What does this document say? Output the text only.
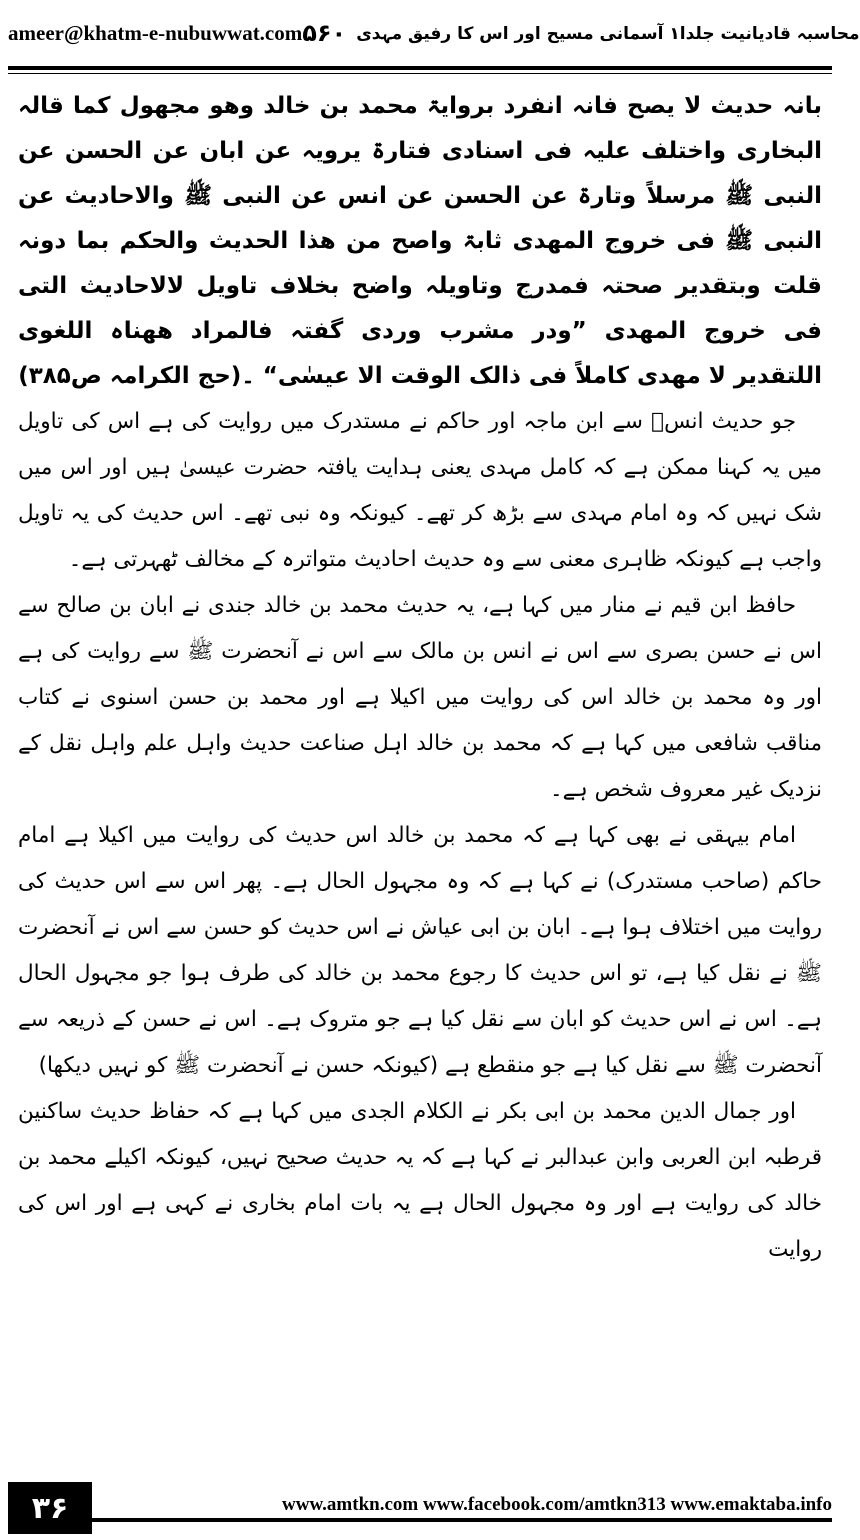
ameer@khatm-e-nubuwwat.com	محاسبہ قادیانیت جلدا۱ آسمانی مسیح اور اس کا رفیق مہدی
۵۶۰

بانہ حدیث لا یصح فانہ انفرد بروایۃ محمد بن خالد وھو مجھول کما قالہ البخاری واختلف علیہ فی اسنادی فتارۃ یرویہ عن ابان عن الحسن عن النبی ﷺ مرسلاً وتارۃ عن الحسن عن انس عن النبی ﷺ والاحادیث عن النبی ﷺ فی خروج المھدی ثابۃ واصح من ھذا الحدیث والحکم بما دونہ قلت وبتقدیر صحتہ فمدرج وتاویلہ واضح بخلاف تاویل لالاحادیث التی فی خروج المھدی ”ودر مشرب وردی گفتہ فالمراد ھھناہ اللغوی اللتقدیر لا مھدی کاملاً فی ذالک الوقت الا عیسٰی“ ۔(حج الکرامہ ص۳۸۵)

جو حدیث انسؓ سے ابن ماجہ اور حاکم نے مستدرک میں روایت کی ہے اس کی تاویل میں یہ کہنا ممکن ہے کہ کامل مہدی یعنی ہدایت یافتہ حضرت عیسیٰ ہیں اور اس میں شک نہیں کہ وہ امام مہدی سے بڑھ کر تھے۔ کیونکہ وہ نبی تھے۔ اس حدیث کی یہ تاویل واجب ہے کیونکہ ظاہری معنی سے وہ حدیث احادیث متواترہ کے مخالف ٹھہرتی ہے۔

حافظ ابن قیم نے منار میں کہا ہے، یہ حدیث محمد بن خالد جندی نے ابان بن صالح سے اس نے حسن بصری سے اس نے انس بن مالک سے اس نے آنحضرت ﷺ سے روایت کی ہے اور وہ محمد بن خالد اس کی روایت میں اکیلا ہے اور محمد بن حسن اسنوی نے کتاب مناقب شافعی میں کہا ہے کہ محمد بن خالد اہل صناعت حدیث واہل علم واہل نقل کے نزدیک غیر معروف شخص ہے۔

امام بیہقی نے بھی کہا ہے کہ محمد بن خالد اس حدیث کی روایت میں اکیلا ہے امام حاکم (صاحب مستدرک) نے کہا ہے کہ وہ مجہول الحال ہے۔ پھر اس سے اس حدیث کی روایت میں اختلاف ہوا ہے۔ ابان بن ابی عیاش نے اس حدیث کو حسن سے اس نے آنحضرت ﷺ نے نقل کیا ہے، تو اس حدیث کا رجوع محمد بن خالد کی طرف ہوا جو مجہول الحال ہے۔ اس نے اس حدیث کو ابان سے نقل کیا ہے جو متروک ہے۔ اس نے حسن کے ذریعہ سے آنحضرت ﷺ سے نقل کیا ہے جو منقطع ہے (کیونکہ حسن نے آنحضرت ﷺ کو نہیں دیکھا)

اور جمال الدین محمد بن ابی بکر نے الکلام الجدی میں کہا ہے کہ حفاظ حدیث ساکنین قرطبہ ابن العربی وابن عبدالبر نے کہا ہے کہ یہ حدیث صحیح نہیں، کیونکہ اکیلے محمد بن خالد کی روایت ہے اور وہ مجہول الحال ہے یہ بات امام بخاری نے کہی ہے اور اس کی روایت

۳۶	www.amtkn.com www.facebook.com/amtkn313 www.emaktaba.info
